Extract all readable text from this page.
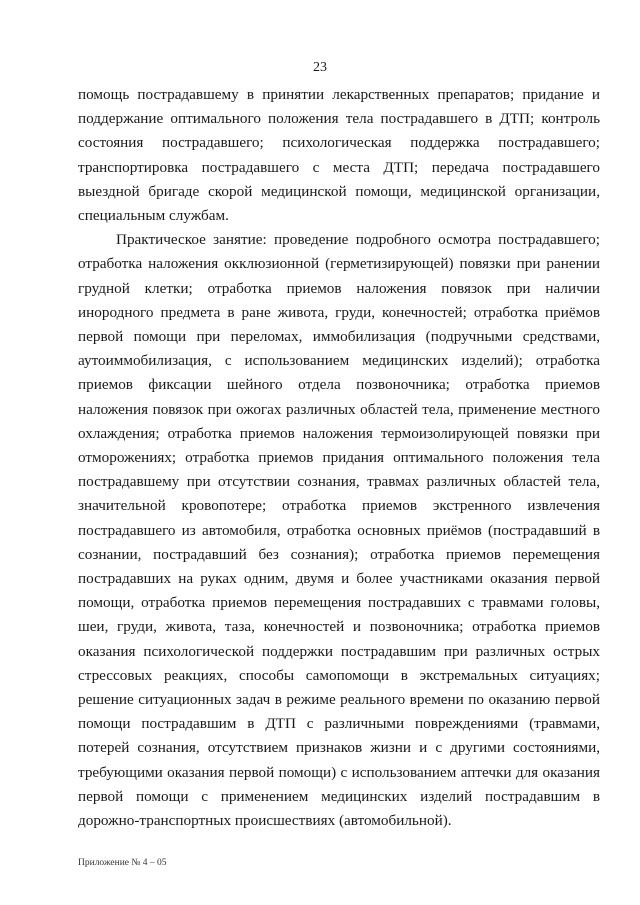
23

помощь пострадавшему в принятии лекарственных препаратов; придание и поддержание оптимального положения тела пострадавшего в ДТП; контроль состояния пострадавшего; психологическая поддержка пострадавшего; транспортировка пострадавшего с места ДТП; передача пострадавшего выездной бригаде скорой медицинской помощи, медицинской организации, специальным службам.

Практическое занятие: проведение подробного осмотра пострадавшего; отработка наложения окклюзионной (герметизирующей) повязки при ранении грудной клетки; отработка приемов наложения повязок при наличии инородного предмета в ране живота, груди, конечностей; отработка приёмов первой помощи при переломах, иммобилизация (подручными средствами, аутоиммобилизация, с использованием медицинских изделий); отработка приемов фиксации шейного отдела позвоночника; отработка приемов наложения повязок при ожогах различных областей тела, применение местного охлаждения; отработка приемов наложения термоизолирующей повязки при отморожениях; отработка приемов придания оптимального положения тела пострадавшему при отсутствии сознания, травмах различных областей тела, значительной кровопотере; отработка приемов экстренного извлечения пострадавшего из автомобиля, отработка основных приёмов (пострадавший в сознании, пострадавший без сознания); отработка приемов перемещения пострадавших на руках одним, двумя и более участниками оказания первой помощи, отработка приемов перемещения пострадавших с травмами головы, шеи, груди, живота, таза, конечностей и позвоночника; отработка приемов оказания психологической поддержки пострадавшим при различных острых стрессовых реакциях, способы самопомощи в экстремальных ситуациях; решение ситуационных задач в режиме реального времени по оказанию первой помощи пострадавшим в ДТП с различными повреждениями (травмами, потерей сознания, отсутствием признаков жизни и с другими состояниями, требующими оказания первой помощи) с использованием аптечки для оказания первой помощи с применением медицинских изделий пострадавшим в дорожно-транспортных происшествиях (автомобильной).

Приложение № 4 – 05
